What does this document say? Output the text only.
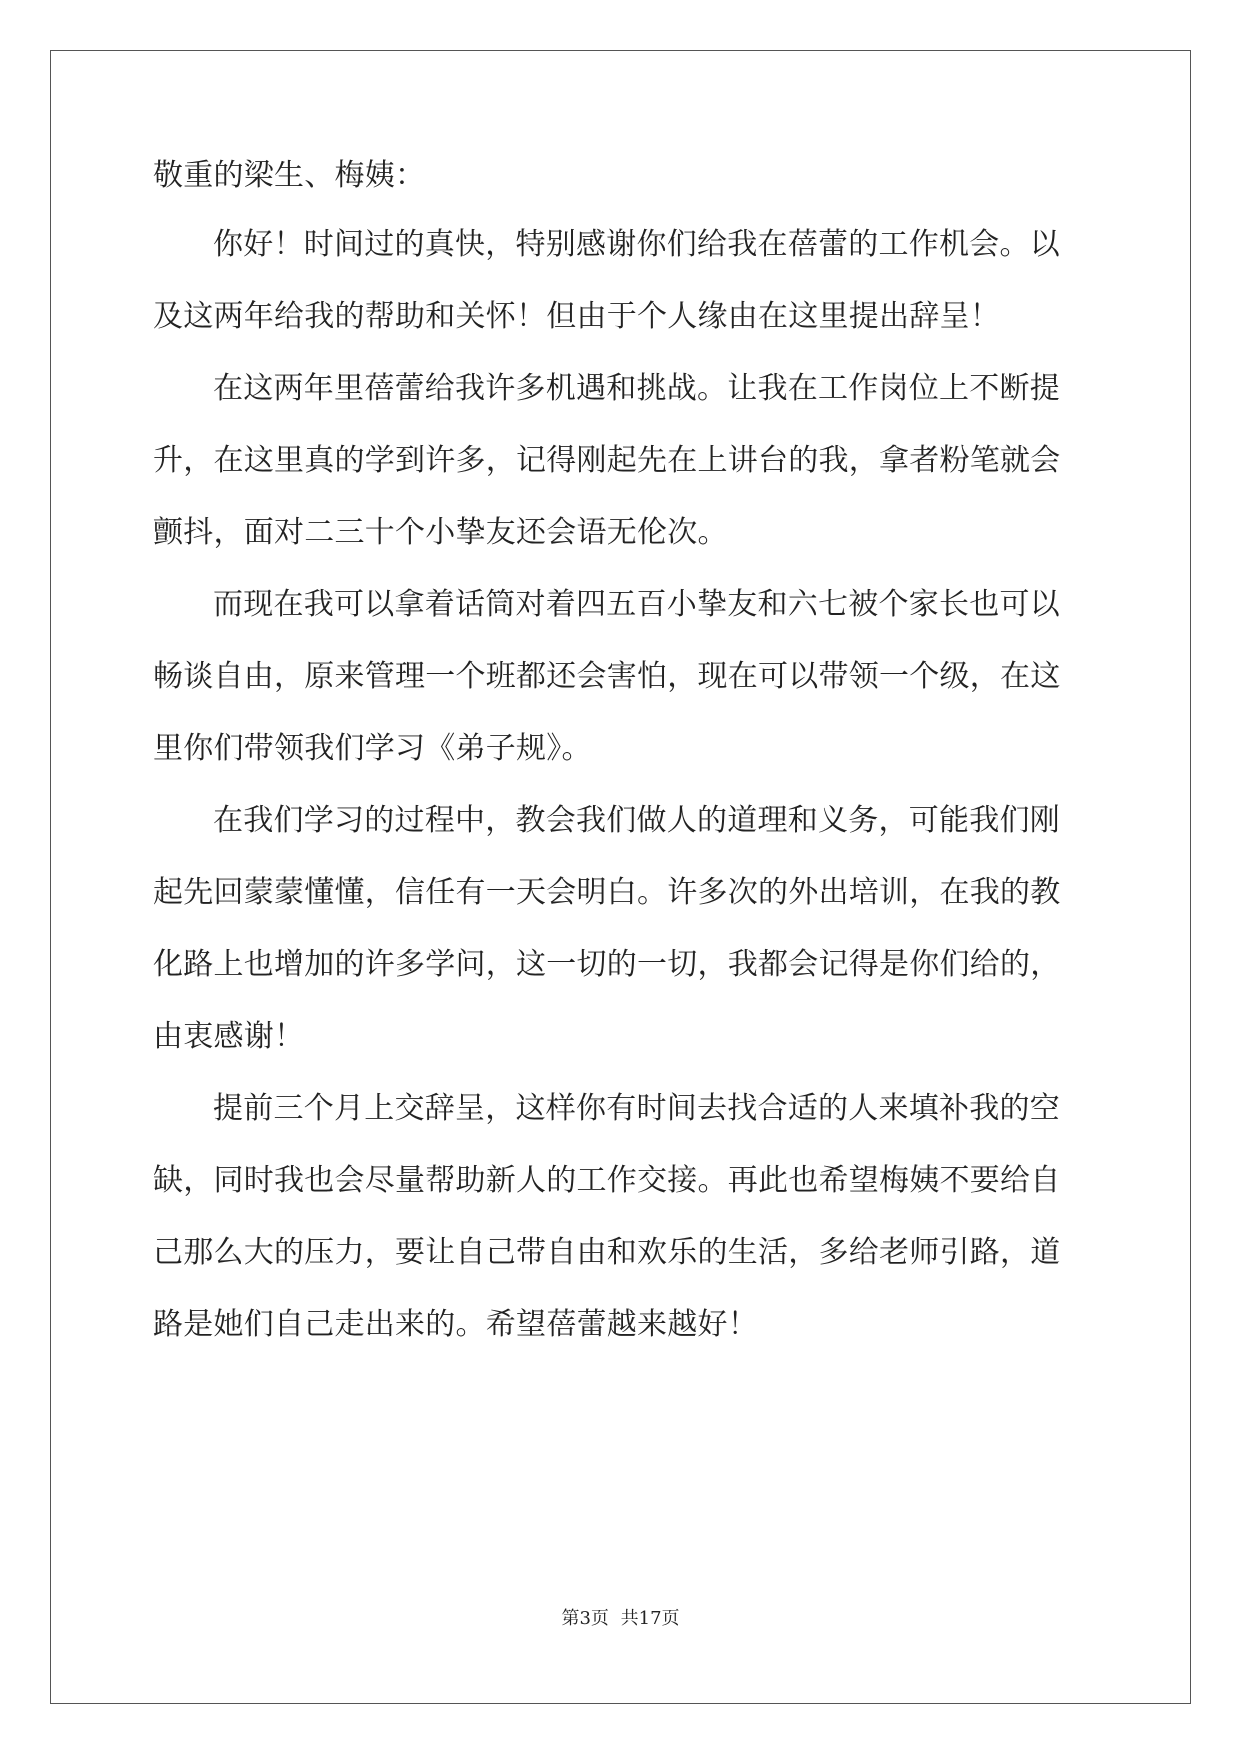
敬重的梁生、梅姨：

你好！时间过的真快，特别感谢你们给我在蓓蕾的工作机会。以

及这两年给我的帮助和关怀！但由于个人缘由在这里提出辞呈！

在这两年里蓓蕾给我许多机遇和挑战。让我在工作岗位上不断提

升，在这里真的学到许多，记得刚起先在上讲台的我，拿者粉笔就会

颤抖，面对二三十个小挚友还会语无伦次。

而现在我可以拿着话筒对着四五百小挚友和六七被个家长也可以

畅谈自由，原来管理一个班都还会害怕，现在可以带领一个级，在这

里你们带领我们学习《弟子规》。

在我们学习的过程中，教会我们做人的道理和义务，可能我们刚

起先回蒙蒙懂懂，信任有一天会明白。许多次的外出培训，在我的教

化路上也增加的许多学问，这一切的一切，我都会记得是你们给的，

由衷感谢！

提前三个月上交辞呈，这样你有时间去找合适的人来填补我的空

缺，同时我也会尽量帮助新人的工作交接。再此也希望梅姨不要给自

己那么大的压力，要让自己带自由和欢乐的生活，多给老师引路，道

路是她们自己走出来的。希望蓓蕾越来越好！

第3页 共17页
